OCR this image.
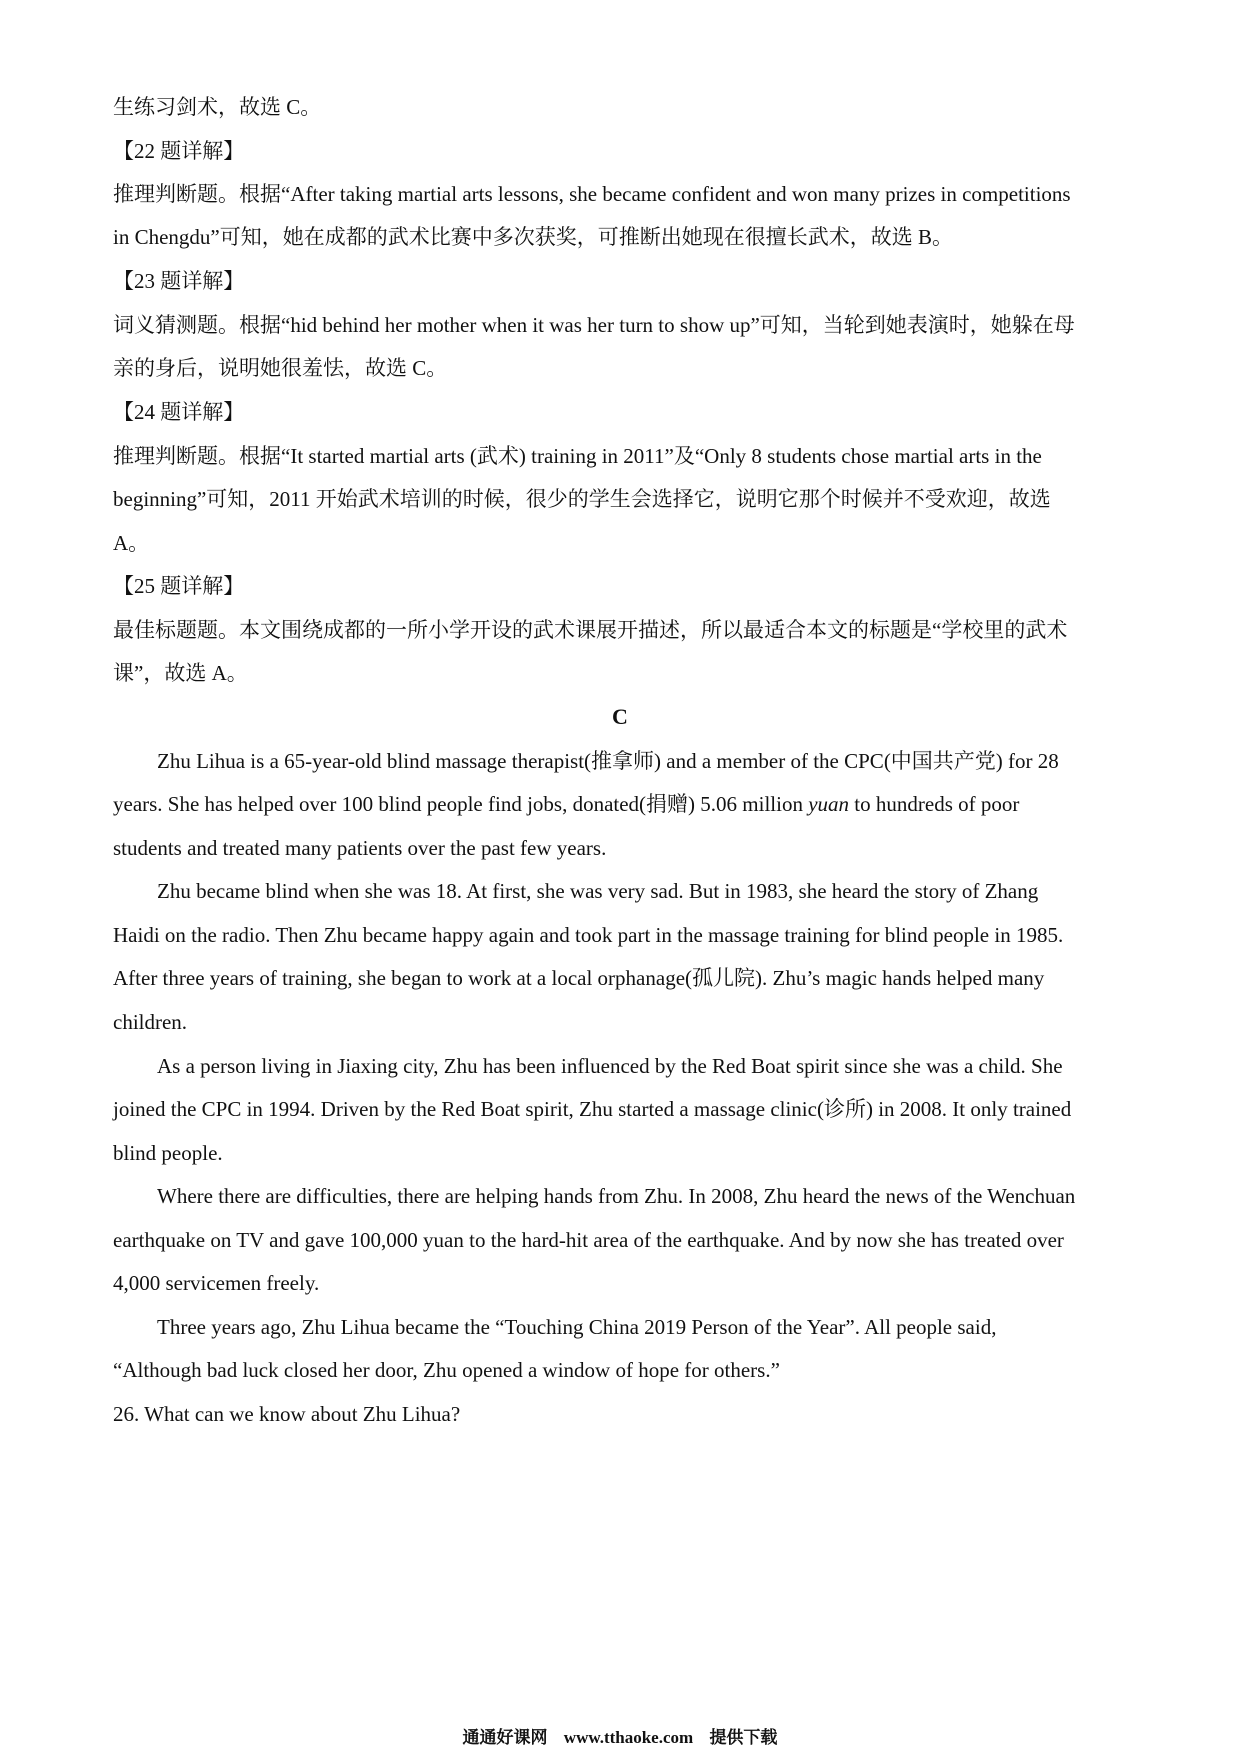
生练习剑术，故选 C。
【22 题详解】
推理判断题。根据“After taking martial arts lessons, she became confident and won many prizes in competitions
in Chengdu”可知，她在成都的武术比赛中多次获奖，可推断出她现在很擅长武术，故选 B。
【23 题详解】
词义猜测题。根据“hid behind her mother when it was her turn to show up”可知，当轮到她表演时，她躲在母
亲的身后，说明她很羞怯，故选 C。
【24 题详解】
推理判断题。根据“It started martial arts (武术) training in 2011”及“Only 8 students chose martial arts in the
beginning”可知，2011 开始武术培训的时候，很少的学生会选择它，说明它那个时候并不受欢迎，故选
A。
【25 题详解】
最佳标题题。本文围绕成都的一所小学开设的武术课展开描述，所以最适合本文的标题是“学校里的武术
课”，故选 A。
C
Zhu Lihua is a 65-year-old blind massage therapist(推拿师) and a member of the CPC(中国共产党) for 28
years. She has helped over 100 blind people find jobs, donated(捐赠) 5.06 million yuan to hundreds of poor
students and treated many patients over the past few years.
Zhu became blind when she was 18. At first, she was very sad. But in 1983, she heard the story of Zhang
Haidi on the radio. Then Zhu became happy again and took part in the massage training for blind people in 1985.
After three years of training, she began to work at a local orphanage(孤儿院). Zhu’s magic hands helped many
children.
As a person living in Jiaxing city, Zhu has been influenced by the Red Boat spirit since she was a child. She
joined the CPC in 1994. Driven by the Red Boat spirit, Zhu started a massage clinic(诊所) in 2008. It only trained
blind people.
Where there are difficulties, there are helping hands from Zhu. In 2008, Zhu heard the news of the Wenchuan
earthquake on TV and gave 100,000 yuan to the hard-hit area of the earthquake. And by now she has treated over
4,000 servicemen freely.
Three years ago, Zhu Lihua became the “Touching China 2019 Person of the Year”. All people said,
“Although bad luck closed her door, Zhu opened a window of hope for others.”
26. What can we know about Zhu Lihua?
通通好课网 www.tthaoke.com 提供下载
